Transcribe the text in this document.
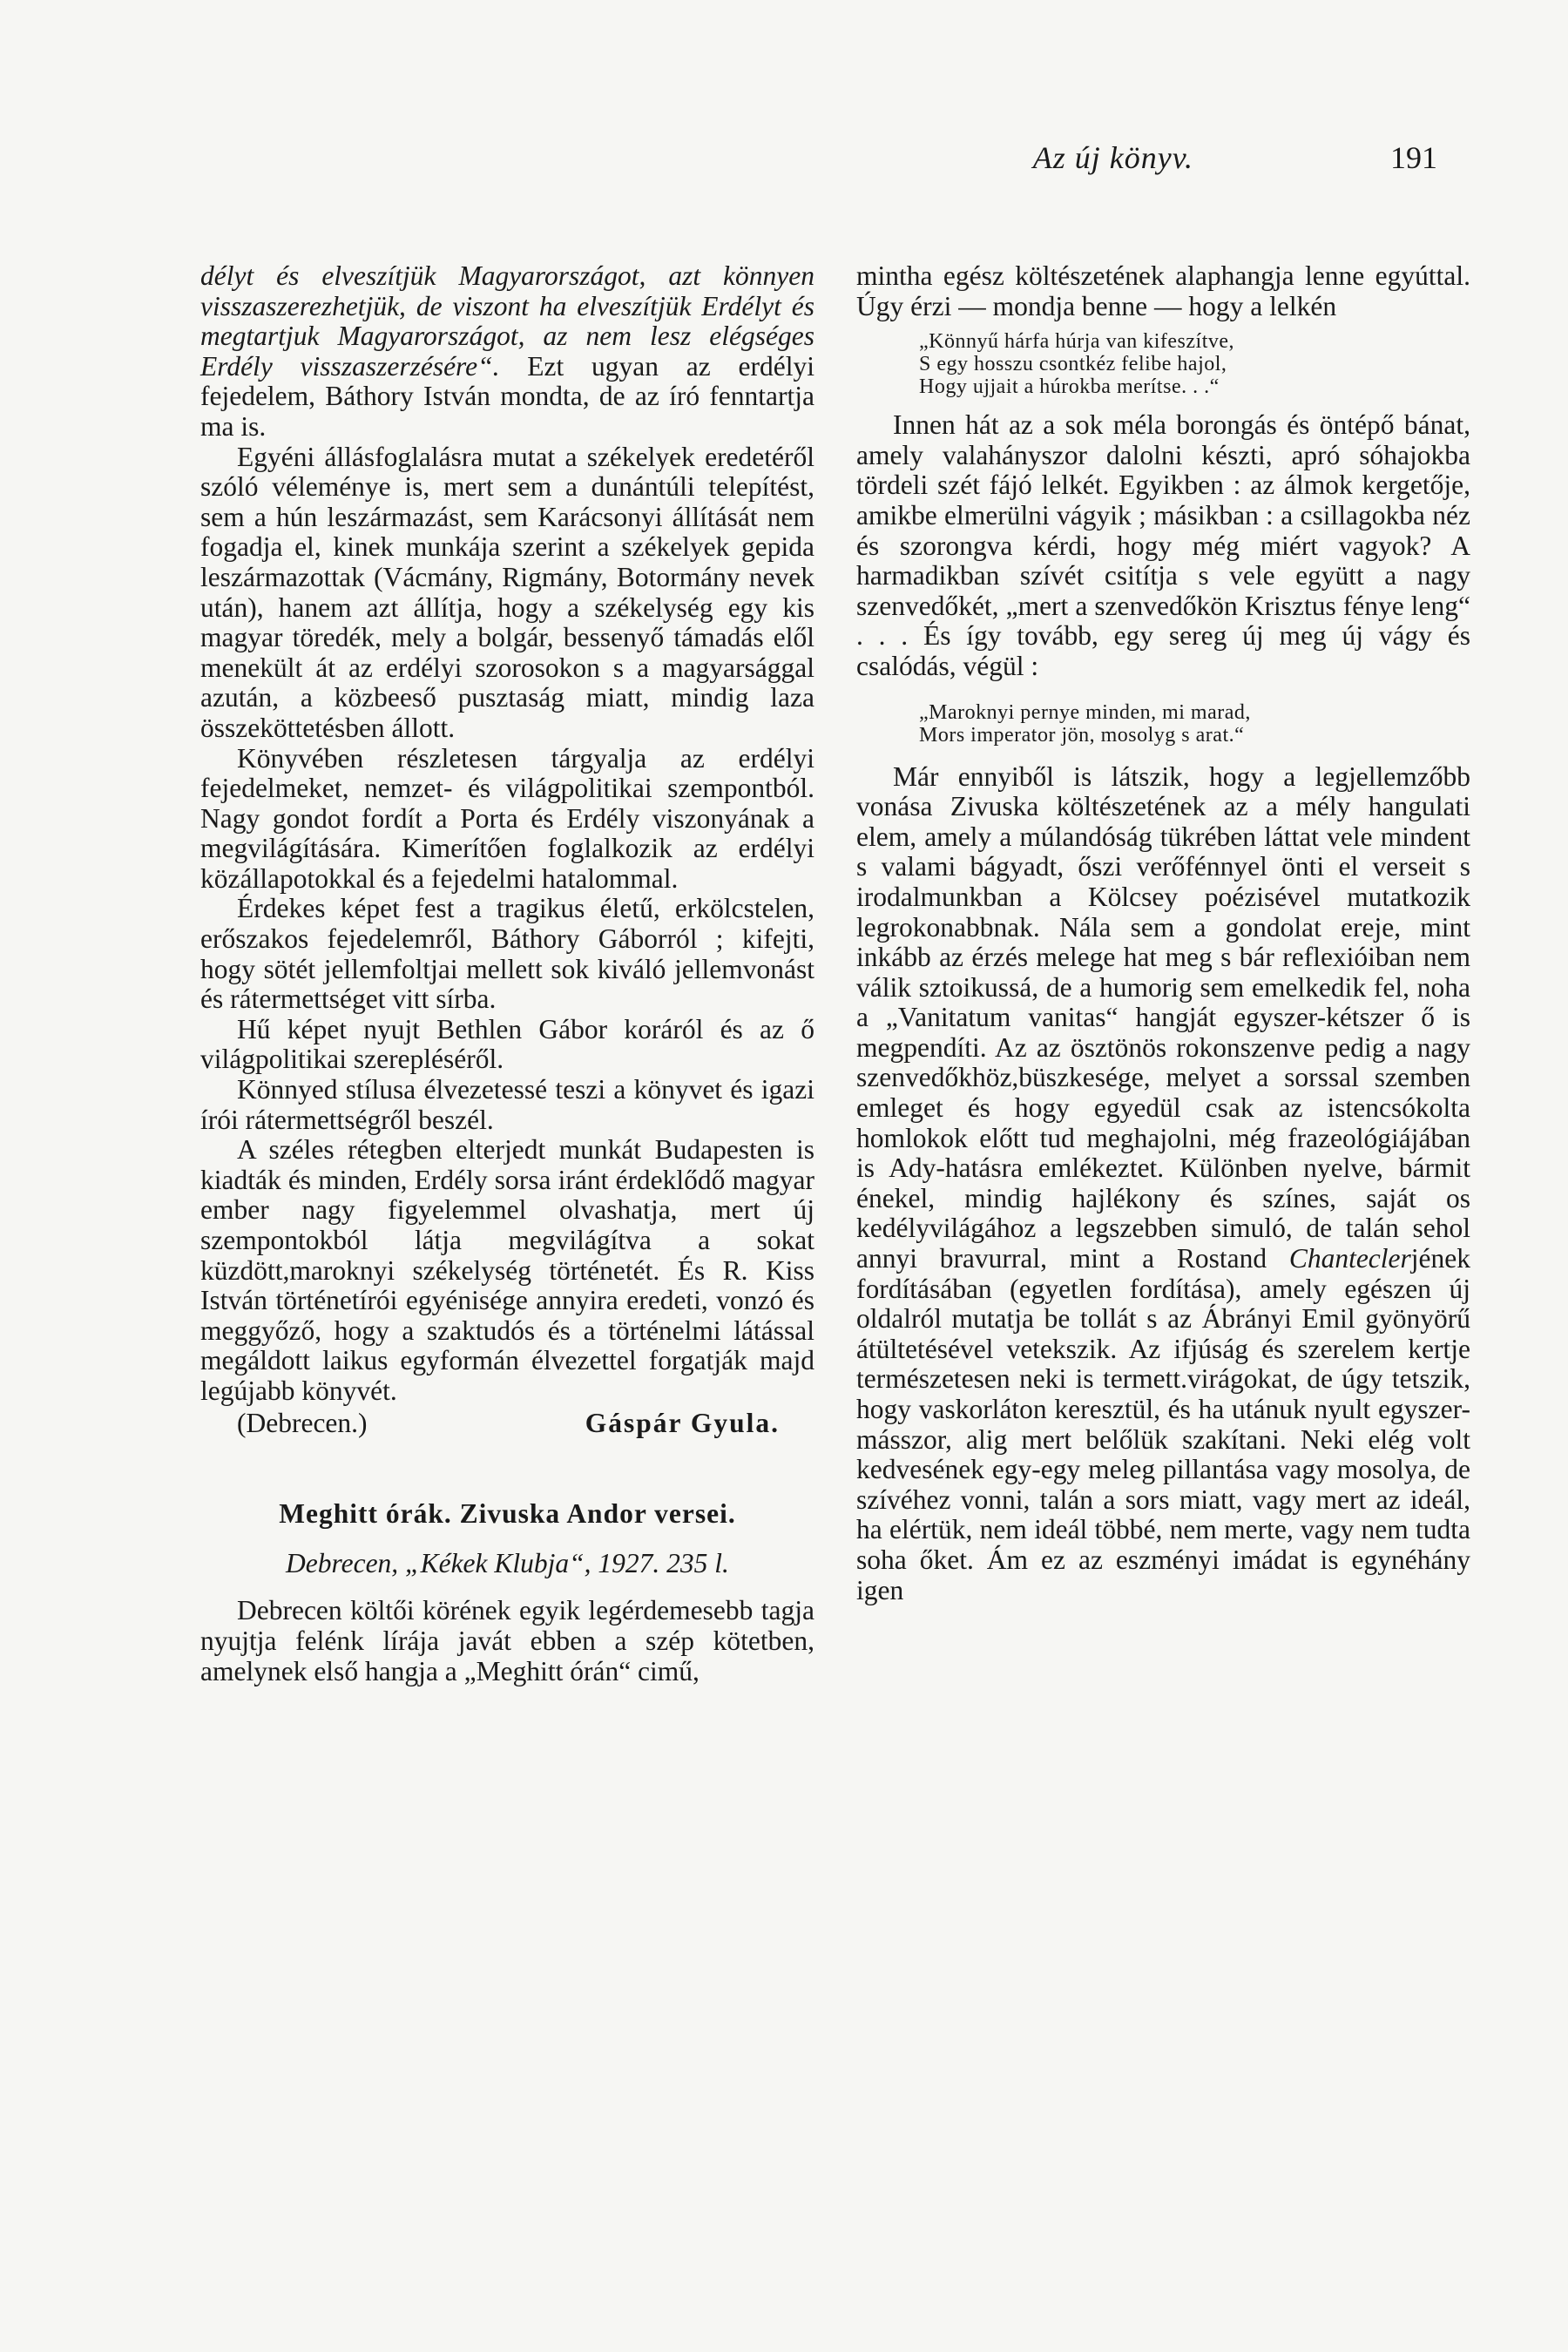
Az új könyv.	191

délyt és elveszítjük Magyarországot, azt könnyen visszaszerezhetjük, de viszont ha elveszítjük Erdélyt és megtartjuk Magyarországot, az nem lesz elégséges Erdély visszaszerzésére“. Ezt ugyan az erdélyi fejedelem, Báthory István mondta, de az író fenntartja ma is.

Egyéni állásfoglalásra mutat a székelyek eredetéről szóló véleménye is, mert sem a dunántúli telepítést, sem a hún leszármazást, sem Karácsonyi állítását nem fogadja el, kinek munkája szerint a székelyek gepida leszármazottak (Vácmány, Rigmány, Botormány nevek után), hanem azt állítja, hogy a székelység egy kis magyar töredék, mely a bolgár, bessenyő támadás elől menekült át az erdélyi szorosokon s a magyarsággal azután, a közbeeső pusztaság miatt, mindig laza összeköttetésben állott.

Könyvében részletesen tárgyalja az erdélyi fejedelmeket, nemzet- és világpolitikai szempontból. Nagy gondot fordít a Porta és Erdély viszonyának a megvilágítására. Kimerítően foglalkozik az erdélyi közállapotokkal és a fejedelmi hatalommal.

Érdekes képet fest a tragikus életű, erkölcstelen, erőszakos fejedelemről, Báthory Gáborról ; kifejti, hogy sötét jellemfoltjai mellett sok kiváló jellemvonást és rátermettséget vitt sírba.

Hű képet nyujt Bethlen Gábor koráról és az ő világpolitikai szerepléséről.

Könnyed stílusa élvezetessé teszi a könyvet és igazi írói rátermettségről beszél.

A széles rétegben elterjedt munkát Budapesten is kiadták és minden, Erdély sorsa iránt érdeklődő magyar ember nagy figyelemmel olvashatja, mert új szempontokból látja megvilágítva a sokat küzdött,maroknyi székelység történetét. És R. Kiss István történetírói egyénisége annyira eredeti, vonzó és meggyőző, hogy a szaktudós és a történelmi látással megáldott laikus egyformán élvezettel forgatják majd legújabb könyvét.

(Debrecen.)	Gáspár Gyula.
Meghitt órák. Zivuska Andor versei.
Debrecen, „Kékek Klubja“, 1927. 235 l.

Debrecen költői körének egyik legérdemesebb tagja nyujtja felénk lírája javát ebben a szép kötetben, amelynek első hangja a „Meghitt órán“ cimű,

mintha egész költészetének alaphangja lenne egyúttal. Úgy érzi — mondja benne — hogy a lelkén

„Könnyű hárfa húrja van kifeszítve,
S egy hosszu csontkéz felibe hajol,
Hogy ujjait a húrokba merítse. . .“

Innen hát az a sok méla borongás és öntépő bánat, amely valahányszor dalolni készti, apró sóhajokba tördeli szét fájó lelkét. Egyikben : az álmok kergetője, amikbe elmerülni vágyik ; másikban : a csillagokba néz és szorongva kérdi, hogy még miért vagyok? A harmadikban szívét csitítja s vele együtt a nagy szenvedőkét, „mert a szenvedőkön Krisztus fénye leng“ . . . És így tovább, egy sereg új meg új vágy és csalódás, végül :

„Maroknyi pernye minden, mi marad,
Mors imperator jön, mosolyg s arat.“

Már ennyiből is látszik, hogy a legjellemzőbb vonása Zivuska költészetének az a mély hangulati elem, amely a múlandóság tükrében láttat vele mindent s valami bágyadt, őszi verőfénnyel önti el verseit s irodalmunkban a Kölcsey poézisével mutatkozik legrokonabbnak. Nála sem a gondolat ereje, mint inkább az érzés melege hat meg s bár reflexióiban nem válik sztoikussá, de a humorig sem emelkedik fel, noha a „Vanitatum vanitas“ hangját egyszer-kétszer ő is megpendíti. Az az ösztönös rokonszenve pedig a nagy szenvedőkhöz,büszkesége, melyet a sorssal szemben emleget és hogy egyedül csak az istencsókolta homlokok előtt tud meghajolni, még frazeológiájában is Ady-hatásra emlékeztet. Különben nyelve, bármit énekel, mindig hajlékony és színes, saját os kedélyvilágához a legszebben simuló, de talán sehol annyi bravurral, mint a Rostand Chanteclerjének fordításában (egyetlen fordítása), amely egészen új oldalról mutatja be tollát s az Ábrányi Emil gyönyörű átültetésével vetekszik. Az ifjúság és szerelem kertje természetesen neki is termett.virágokat, de úgy tetszik, hogy vaskorláton keresztül, és ha utánuk nyult egyszer-másszor, alig mert belőlük szakítani. Neki elég volt kedvesének egy-egy meleg pillantása vagy mosolya, de szívéhez vonni, talán a sors miatt, vagy mert az ideál, ha elértük, nem ideál többé, nem merte, vagy nem tudta soha őket. Ám ez az eszményi imádat is egynéhány igen
